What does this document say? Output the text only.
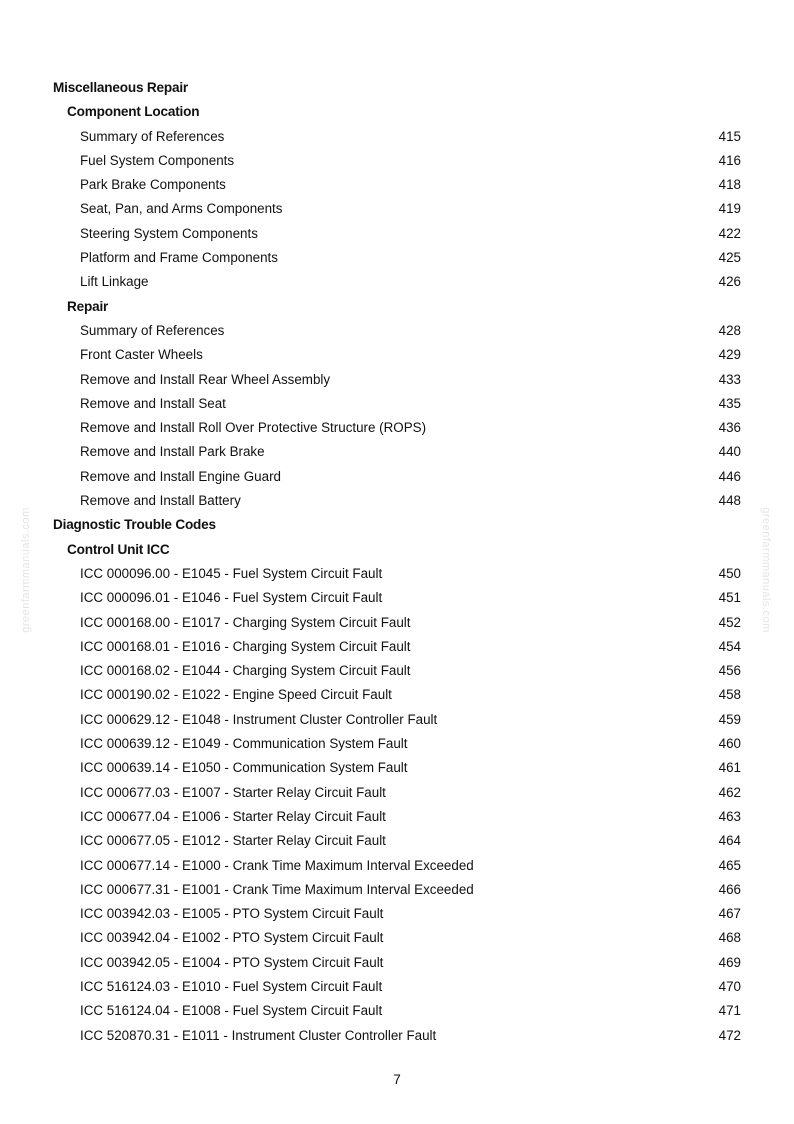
greenfarmmanuals.com	greenfarmmanuals.com
Miscellaneous Repair
Component Location
Summary of References	415
Fuel System Components	416
Park Brake Components	418
Seat, Pan, and Arms Components	419
Steering System Components	422
Platform and Frame Components	425
Lift Linkage	426
Repair
Summary of References	428
Front Caster Wheels	429
Remove and Install Rear Wheel Assembly	433
Remove and Install Seat	435
Remove and Install Roll Over Protective Structure (ROPS)	436
Remove and Install Park Brake	440
Remove and Install Engine Guard	446
Remove and Install Battery	448
Diagnostic Trouble Codes
Control Unit ICC
ICC 000096.00 - E1045 - Fuel System Circuit Fault	450
ICC 000096.01 - E1046 - Fuel System Circuit Fault	451
ICC 000168.00 - E1017 - Charging System Circuit Fault	452
ICC 000168.01 - E1016 - Charging System Circuit Fault	454
ICC 000168.02 - E1044 - Charging System Circuit Fault	456
ICC 000190.02 - E1022 - Engine Speed Circuit Fault	458
ICC 000629.12 - E1048 - Instrument Cluster Controller Fault	459
ICC 000639.12 - E1049 - Communication System Fault	460
ICC 000639.14 - E1050 - Communication System Fault	461
ICC 000677.03 - E1007 - Starter Relay Circuit Fault	462
ICC 000677.04 - E1006 - Starter Relay Circuit Fault	463
ICC 000677.05 - E1012 - Starter Relay Circuit Fault	464
ICC 000677.14 - E1000 - Crank Time Maximum Interval Exceeded	465
ICC 000677.31 - E1001 - Crank Time Maximum Interval Exceeded	466
ICC 003942.03 - E1005 - PTO System Circuit Fault	467
ICC 003942.04 - E1002 - PTO System Circuit Fault	468
ICC 003942.05 - E1004 - PTO System Circuit Fault	469
ICC 516124.03 - E1010 - Fuel System Circuit Fault	470
ICC 516124.04 - E1008 - Fuel System Circuit Fault	471
ICC 520870.31 - E1011 - Instrument Cluster Controller Fault	472
7
